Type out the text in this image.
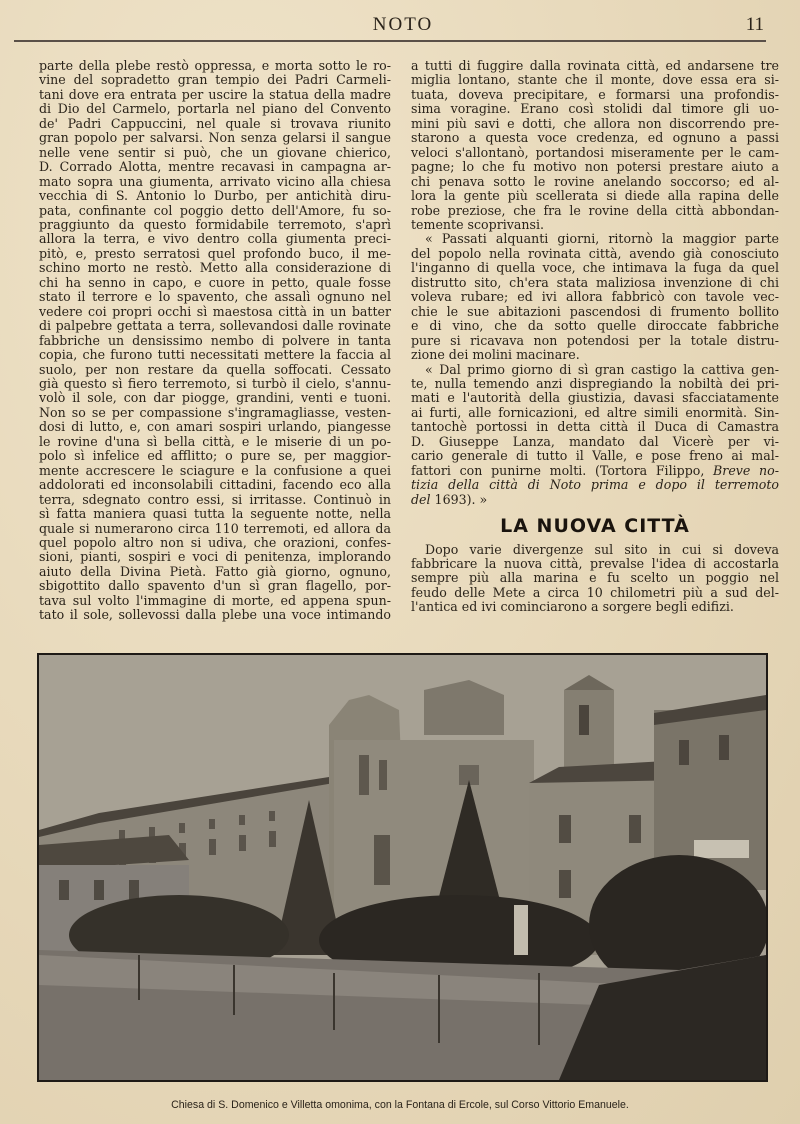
NOTO	11
parte della plebe restò oppressa, e morta sotto le ro-
vine del sopradetto gran tempio dei Padri Carmeli-
tani dove era entrata per uscire la statua della madre
di Dio del Carmelo, portarla nel piano del Convento
de' Padri Cappuccini, nel quale si trovava riunito
gran popolo per salvarsi. Non senza gelarsi il sangue
nelle vene sentir si può, che un giovane chierico,
D. Corrado Alotta, mentre recavasi in campagna ar-
mato sopra una giumenta, arrivato vicino alla chiesa
vecchia di S. Antonio lo Durbo, per antichità diru-
pata, confinante col poggio detto dell'Amore, fu so-
praggiunto da questo formidabile terremoto, s'aprì
allora la terra, e vivo dentro colla giumenta preci-
pitò, e, presto serratosi quel profondo buco, il me-
schino morto ne restò. Metto alla considerazione di
chi ha senno in capo, e cuore in petto, quale fosse
stato il terrore e lo spavento, che assalì ognuno nel
vedere coi propri occhi sì maestosa città in un batter
di palpebre gettata a terra, sollevandosi dalle rovinate
fabbriche un densissimo nembo di polvere in tanta
copia, che furono tutti necessitati mettere la faccia al
suolo, per non restare da quella soffocati. Cessato
già questo sì fiero terremoto, si turbò il cielo, s'annu-
volò il sole, con dar piogge, grandini, venti e tuoni.
Non so se per compassione s'ingramagliasse, vesten-
dosi di lutto, e, con amari sospiri urlando, piangesse
le rovine d'una sì bella città, e le miserie di un po-
polo sì infelice ed afflitto; o pure se, per maggior-
mente accrescere le sciagure e la confusione a quei
addolorati ed inconsolabili cittadini, facendo eco alla
terra, sdegnato contro essi, si irritasse. Continuò in
sì fatta maniera quasi tutta la seguente notte, nella
quale si numerarono circa 110 terremoti, ed allora da
quel popolo altro non si udiva, che orazioni, confes-
sioni, pianti, sospiri e voci di penitenza, implorando
aiuto della Divina Pietà. Fatto già giorno, ognuno,
sbigottito dallo spavento d'un sì gran flagello, por-
tava sul volto l'immagine di morte, ed appena spun-
tato il sole, sollevossi dalla plebe una voce intimando
a tutti di fuggire dalla rovinata città, ed andarsene tre
miglia lontano, stante che il monte, dove essa era si-
tuata, doveva precipitare, e formarsi una profondis-
sima voragine. Erano così stolidi dal timore gli uo-
mini più savi e dotti, che allora non discorrendo pre-
starono a questa voce credenza, ed ognuno a passi
veloci s'allontanò, portandosi miseramente per le cam-
pagne; lo che fu motivo non potersi prestare aiuto a
chi penava sotto le rovine anelando soccorso; ed al-
lora la gente più scellerata si diede alla rapina delle
robe preziose, che fra le rovine della città abbondan-
temente scoprivansi.
« Passati alquanti giorni, ritornò la maggior parte
del popolo nella rovinata città, avendo già conosciuto
l'inganno di quella voce, che intimava la fuga da quel
distrutto sito, ch'era stata maliziosa invenzione di chi
voleva rubare; ed ivi allora fabbricò con tavole vec-
chie le sue abitazioni pascendosi di frumento bollito
e di vino, che da sotto quelle diroccate fabbriche
pure si ricavava non potendosi per la totale distru-
zione dei molini macinare.
« Dal primo giorno di sì gran castigo la cattiva gen-
te, nulla temendo anzi dispregiando la nobiltà dei pri-
mati e l'autorità della giustizia, davasi sfacciatamente
ai furti, alle fornicazioni, ed altre simili enormità. Sin-
tantochè portossi in detta città il Duca di Camastra
D. Giuseppe Lanza, mandato dal Vicerè per vi-
cario generale di tutto il Valle, e pose freno ai mal-
fattori con punirne molti. (Tortora Filippo, Breve no-
tizia della città di Noto prima e dopo il terremoto
del 1693). »
LA NUOVA CITTÀ
Dopo varie divergenze sul sito in cui si doveva
fabbricare la nuova città, prevalse l'idea di accostarla
sempre più alla marina e fu scelto un poggio nel
feudo delle Mete a circa 10 chilometri più a sud del-
l'antica ed ivi cominciarono a sorgere begli edifizi.
Chiesa di S. Domenico e Villetta omonima, con la Fontana di Ercole, sul Corso Vittorio Emanuele.
